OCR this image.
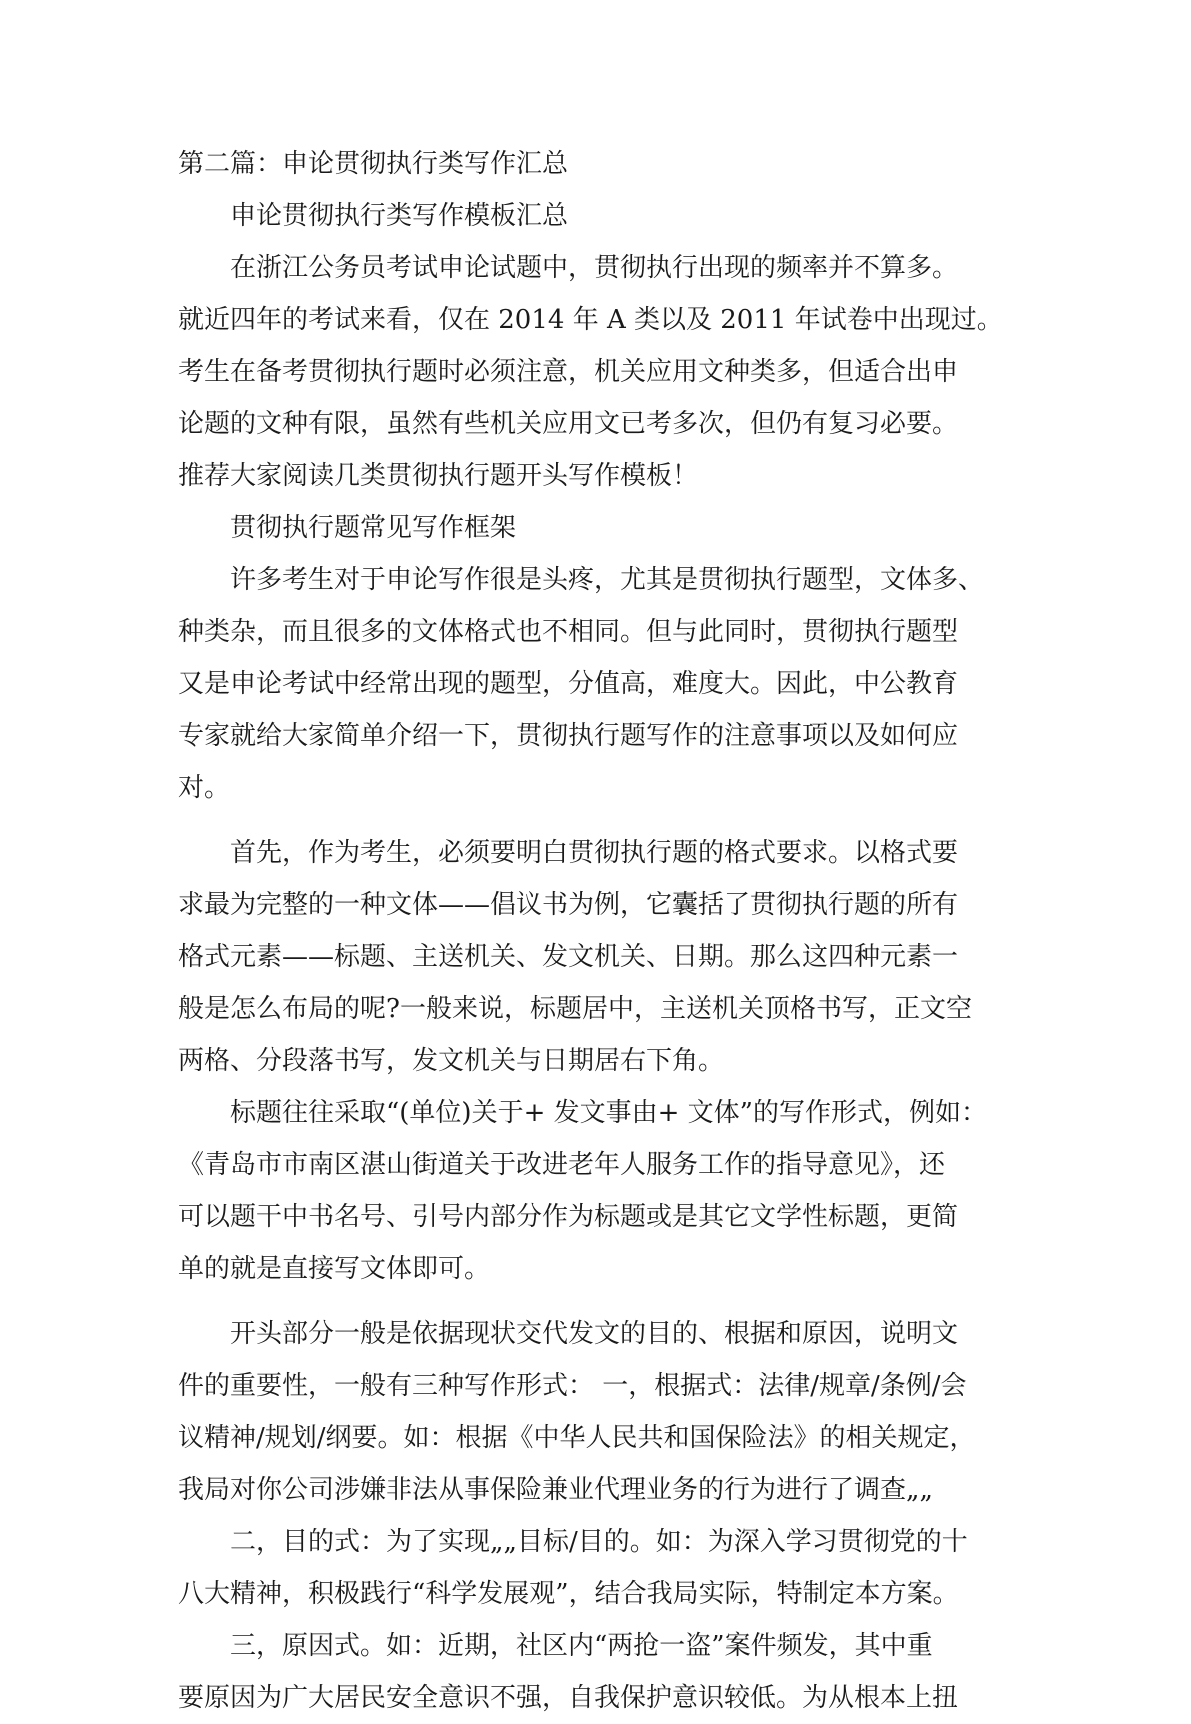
第二篇：申论贯彻执行类写作汇总
申论贯彻执行类写作模板汇总
在浙江公务员考试申论试题中，贯彻执行出现的频率并不算多。
就近四年的考试来看，仅在 2014 年 A 类以及 2011 年试卷中出现过。
考生在备考贯彻执行题时必须注意，机关应用文种类多，但适合出申
论题的文种有限，虽然有些机关应用文已考多次，但仍有复习必要。
推荐大家阅读几类贯彻执行题开头写作模板！
贯彻执行题常见写作框架
许多考生对于申论写作很是头疼，尤其是贯彻执行题型，文体多、
种类杂，而且很多的文体格式也不相同。但与此同时，贯彻执行题型
又是申论考试中经常出现的题型，分值高，难度大。因此，中公教育
专家就给大家简单介绍一下，贯彻执行题写作的注意事项以及如何应
对。
首先，作为考生，必须要明白贯彻执行题的格式要求。以格式要
求最为完整的一种文体——倡议书为例，它囊括了贯彻执行题的所有
格式元素——标题、主送机关、发文机关、日期。那么这四种元素一
般是怎么布局的呢?一般来说，标题居中，主送机关顶格书写，正文空
两格、分段落书写，发文机关与日期居右下角。
标题往往采取“(单位)关于+ 发文事由+ 文体”的写作形式，例如：
《青岛市市南区湛山街道关于改进老年人服务工作的指导意见》，还
可以题干中书名号、引号内部分作为标题或是其它文学性标题，更简
单的就是直接写文体即可。
开头部分一般是依据现状交代发文的目的、根据和原因，说明文
件的重要性，一般有三种写作形式： 一，根据式：法律/规章/条例/会
议精神/规划/纲要。如：根据《中华人民共和国保险法》的相关规定，
我局对你公司涉嫌非法从事保险兼业代理业务的行为进行了调查„„
二，目的式：为了实现„„目标/目的。如：为深入学习贯彻党的十
八大精神，积极践行“科学发展观”，结合我局实际，特制定本方案。
三，原因式。如：近期，社区内“两抢一盗”案件频发，其中重
要原因为广大居民安全意识不强，自我保护意识较低。为从根本上扭
